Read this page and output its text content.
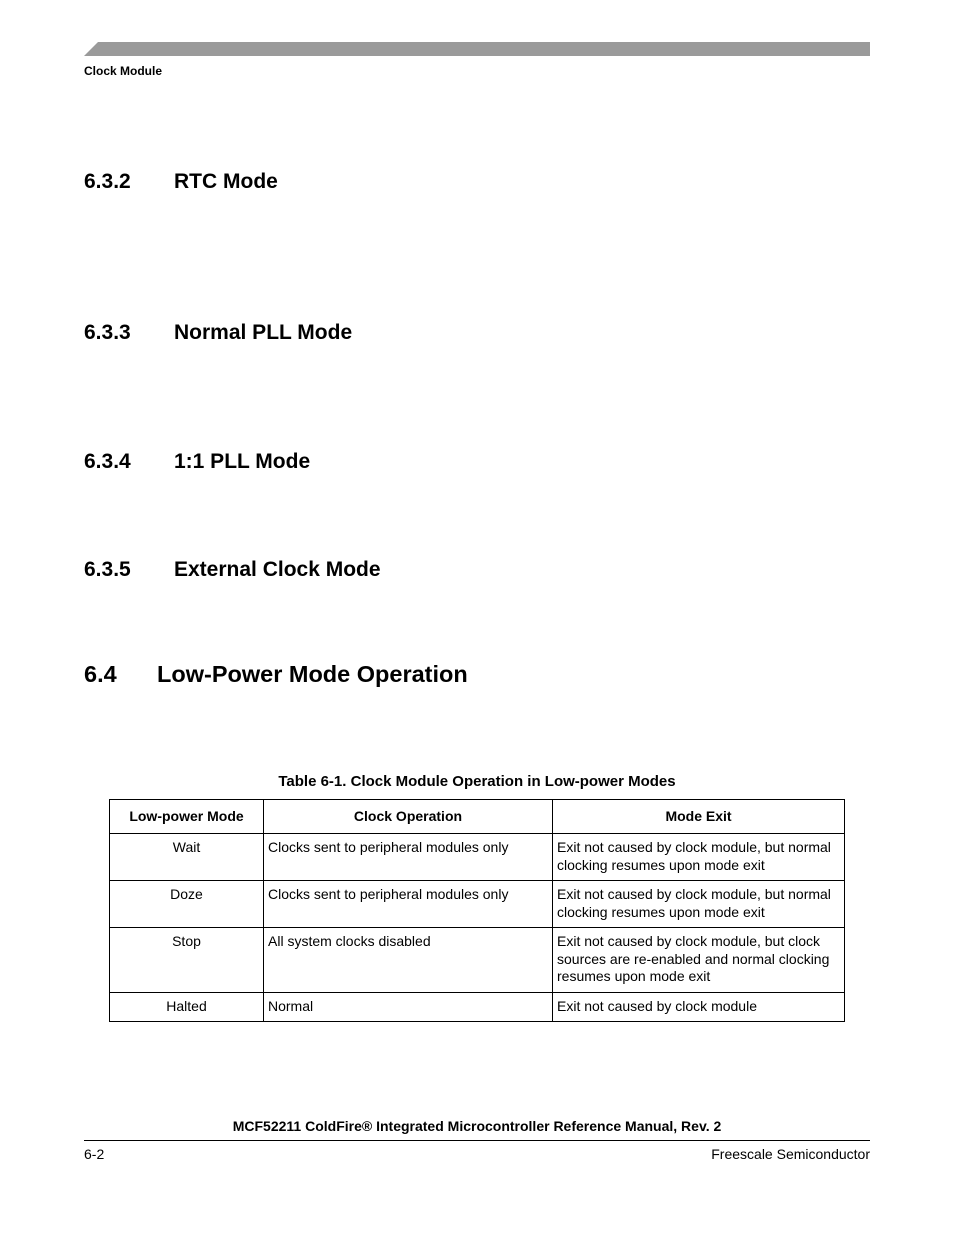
Clock Module
6.3.2 RTC Mode
6.3.3 Normal PLL Mode
6.3.4 1:1 PLL Mode
6.3.5 External Clock Mode
6.4 Low-Power Mode Operation
Table 6-1. Clock Module Operation in Low-power Modes
Low-power Mode	Clock Operation	Mode Exit
Wait	Clocks sent to peripheral modules only	Exit not caused by clock module, but normal clocking resumes upon mode exit
Doze	Clocks sent to peripheral modules only	Exit not caused by clock module, but normal clocking resumes upon mode exit
Stop	All system clocks disabled	Exit not caused by clock module, but clock sources are re-enabled and normal clocking resumes upon mode exit
Halted	Normal	Exit not caused by clock module
MCF52211 ColdFire® Integrated Microcontroller Reference Manual, Rev. 2
6-2	Freescale Semiconductor
